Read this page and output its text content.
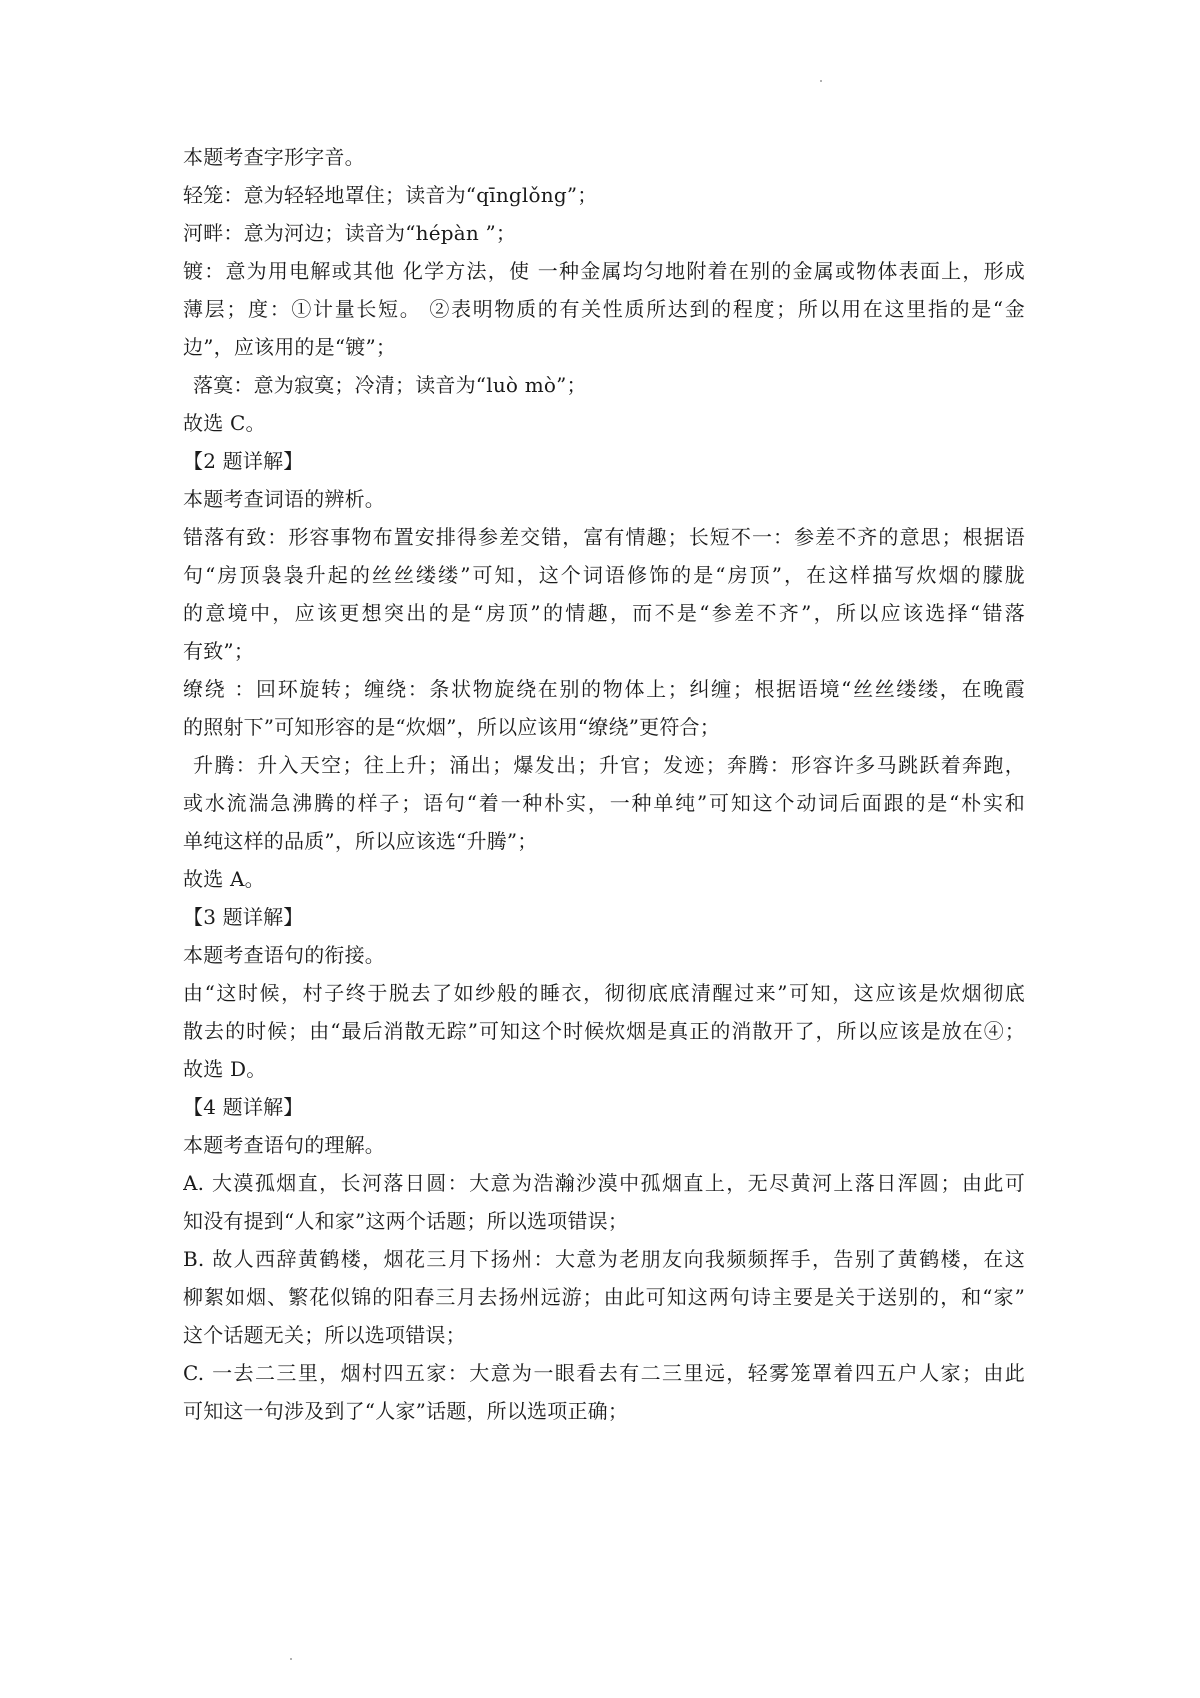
本题考查字形字音。
轻笼：意为轻轻地罩住；读音为“qīnglǒng”；
河畔：意为河边；读音为“hépàn ”；
镀：意为用电解或其他 化学方法，使 一种金属均匀地附着在别的金属或物体表面上，形成
薄层；度：①计量长短。 ②表明物质的有关性质所达到的程度；所以用在这里指的是“金
边”，应该用的是“镀”；
落寞：意为寂寞；冷清；读音为“luò mò”；
故选 C。
【2 题详解】
本题考查词语的辨析。
错落有致：形容事物布置安排得参差交错，富有情趣；长短不一：参差不齐的意思；根据语
句“房顶袅袅升起的丝丝缕缕”可知，这个词语修饰的是“房顶”，在这样描写炊烟的朦胧
的意境中，应该更想突出的是“房顶”的情趣，而不是“参差不齐”，所以应该选择“错落
有致”；
缭绕 ：回环旋转；缠绕：条状物旋绕在别的物体上；纠缠；根据语境“丝丝缕缕，在晚霞
的照射下”可知形容的是“炊烟”，所以应该用“缭绕”更符合；
升腾：升入天空；往上升；涌出；爆发出；升官；发迹；奔腾：形容许多马跳跃着奔跑，
或水流湍急沸腾的样子；语句“着一种朴实，一种单纯”可知这个动词后面跟的是“朴实和
单纯这样的品质”，所以应该选“升腾”；
故选 A。
【3 题详解】
本题考查语句的衔接。
由“这时候，村子终于脱去了如纱般的睡衣，彻彻底底清醒过来”可知，这应该是炊烟彻底
散去的时候；由“最后消散无踪”可知这个时候炊烟是真正的消散开了，所以应该是放在④；
故选 D。
【4 题详解】
本题考查语句的理解。
A. 大漠孤烟直，长河落日圆：大意为浩瀚沙漠中孤烟直上，无尽黄河上落日浑圆；由此可
知没有提到“人和家”这两个话题；所以选项错误；
B. 故人西辞黄鹤楼，烟花三月下扬州：大意为老朋友向我频频挥手，告别了黄鹤楼，在这
柳絮如烟、繁花似锦的阳春三月去扬州远游；由此可知这两句诗主要是关于送别的，和“家”
这个话题无关；所以选项错误；
C. 一去二三里，烟村四五家：大意为一眼看去有二三里远，轻雾笼罩着四五户人家；由此
可知这一句涉及到了“人家”话题，所以选项正确；
